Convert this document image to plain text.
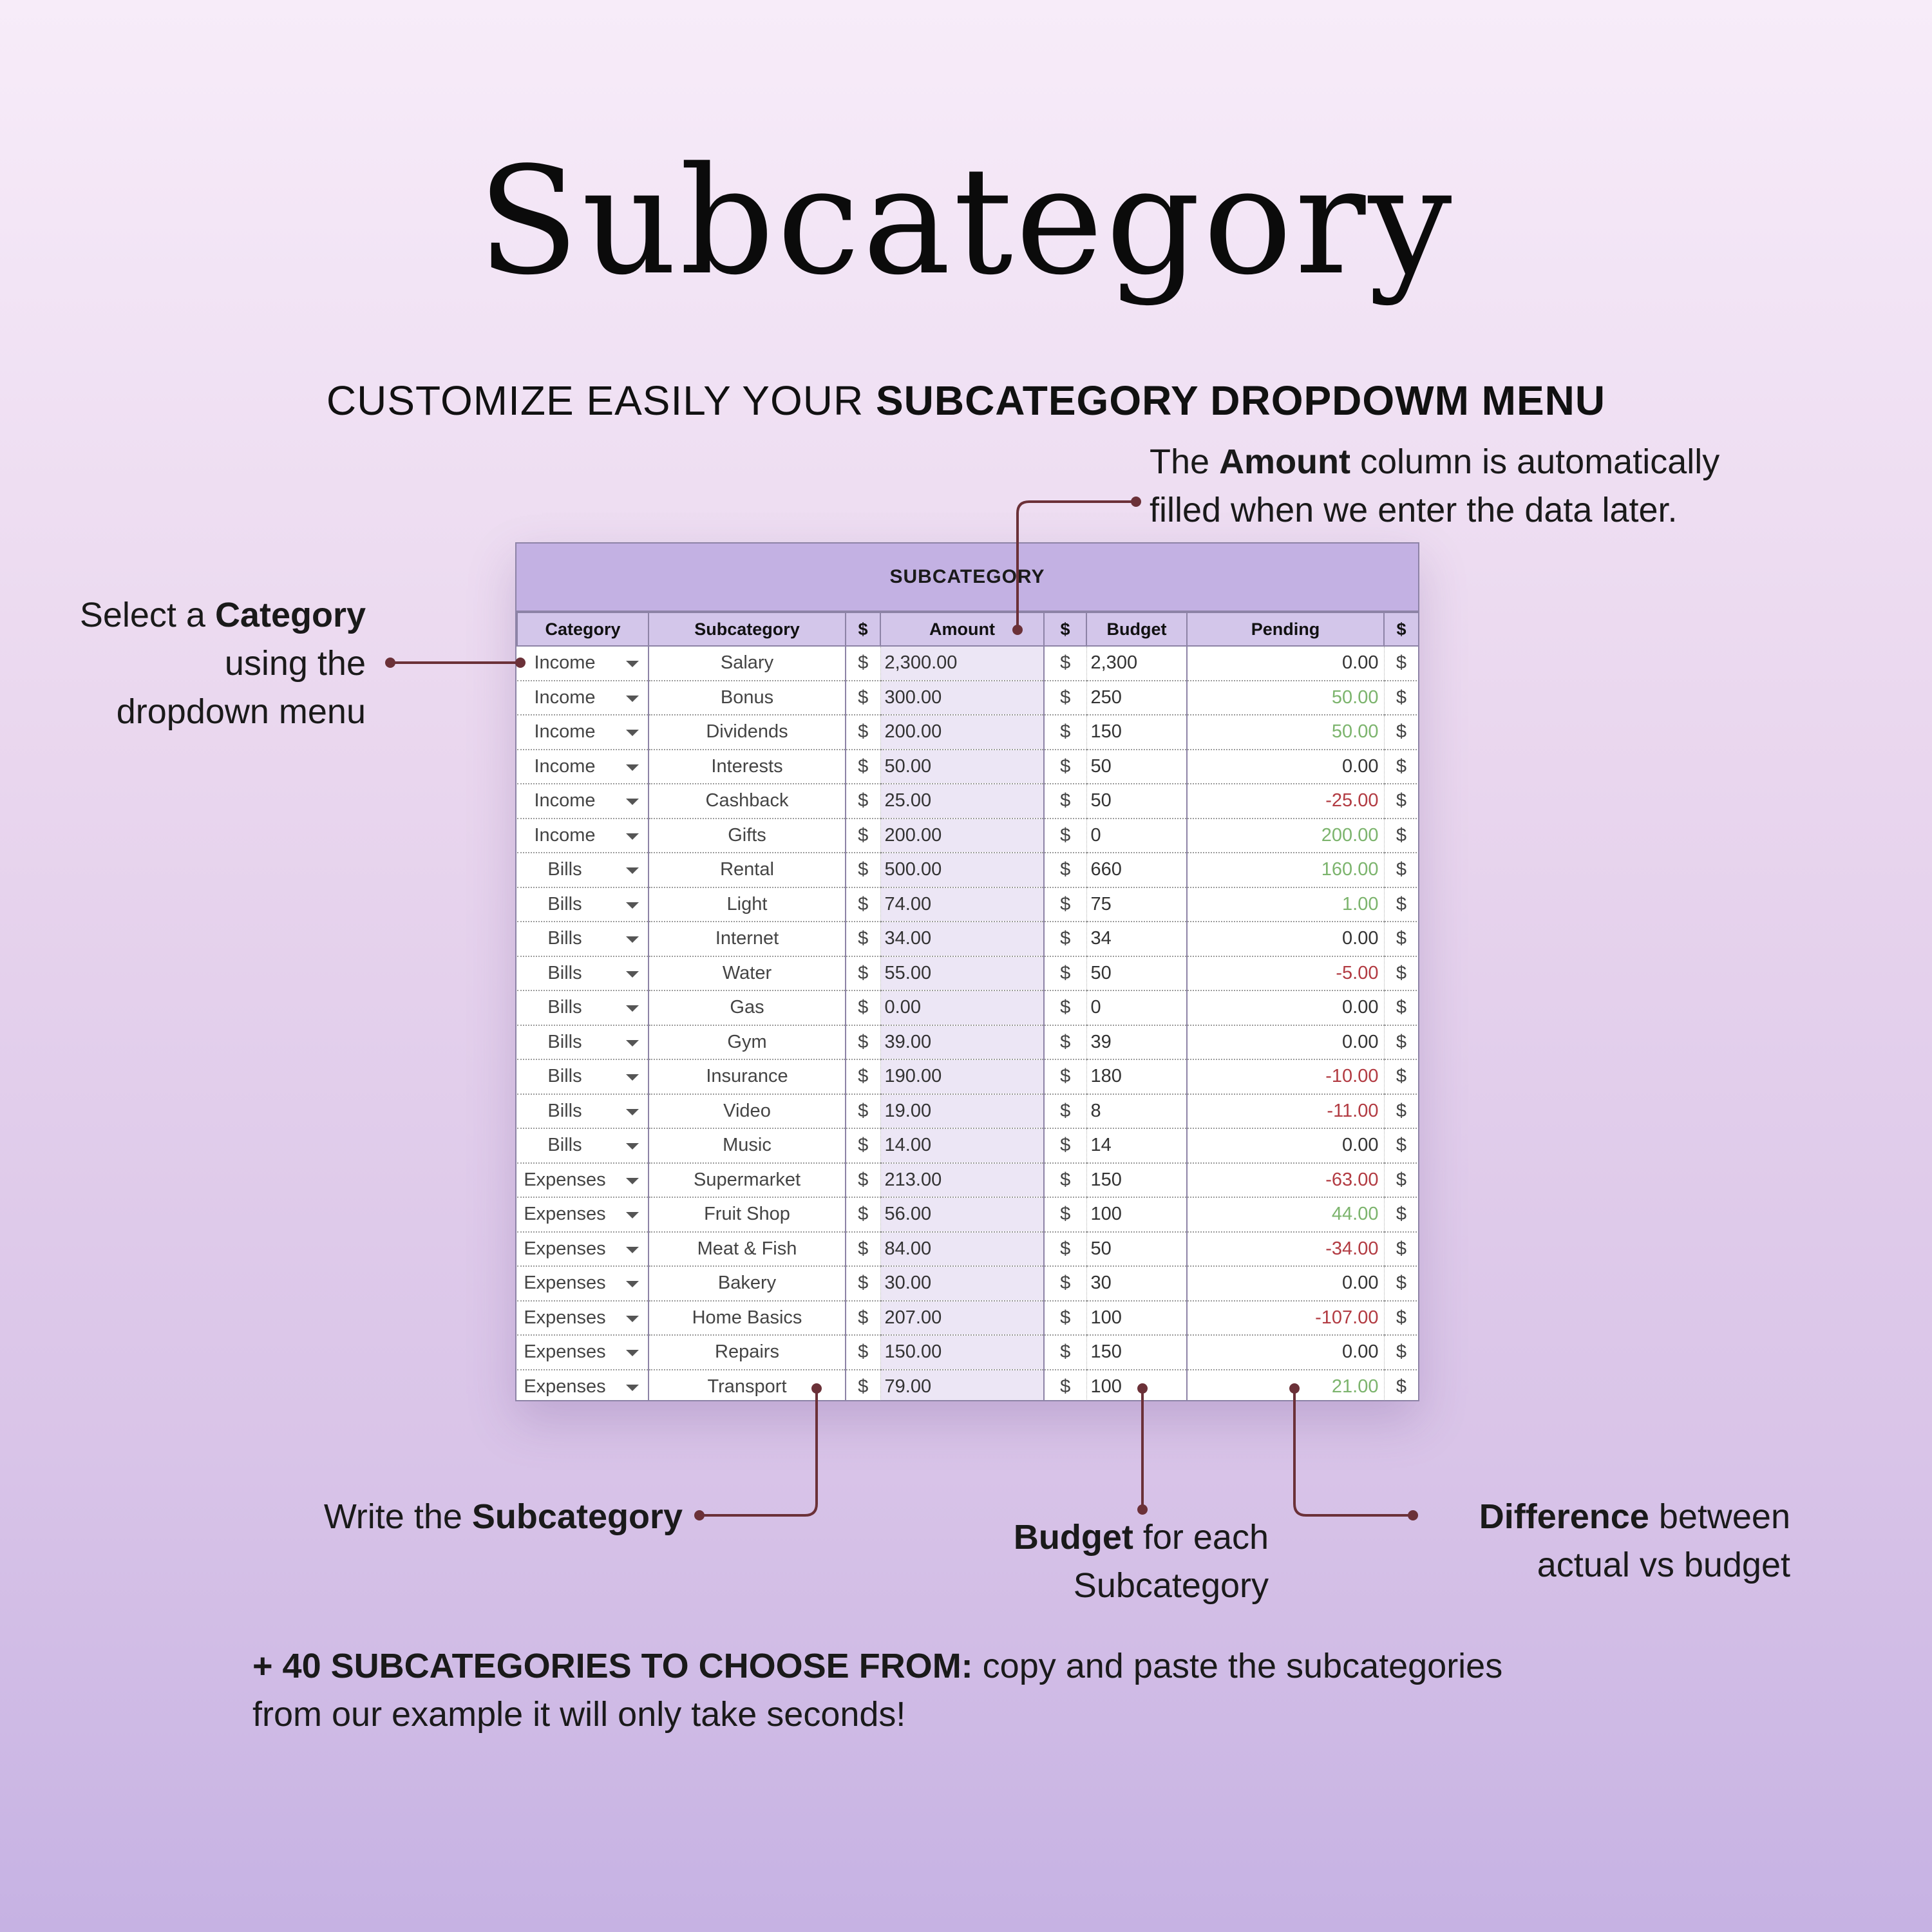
Subcategory
CUSTOMIZE EASILY YOUR SUBCATEGORY DROPDOWM MENU
The Amount column is automatically
filled when we enter the data later.
Select a Category
using the
dropdown menu
SUBCATEGORY
Category	Subcategory	$	Amount	$	Budget	Pending	$
Income	Salary	$	2,300.00	$	2,300	0.00	$
Income	Bonus	$	300.00	$	250	50.00	$
Income	Dividends	$	200.00	$	150	50.00	$
Income	Interests	$	50.00	$	50	0.00	$
Income	Cashback	$	25.00	$	50	-25.00	$
Income	Gifts	$	200.00	$	0	200.00	$
Bills	Rental	$	500.00	$	660	160.00	$
Bills	Light	$	74.00	$	75	1.00	$
Bills	Internet	$	34.00	$	34	0.00	$
Bills	Water	$	55.00	$	50	-5.00	$
Bills	Gas	$	0.00	$	0	0.00	$
Bills	Gym	$	39.00	$	39	0.00	$
Bills	Insurance	$	190.00	$	180	-10.00	$
Bills	Video	$	19.00	$	8	-11.00	$
Bills	Music	$	14.00	$	14	0.00	$
Expenses	Supermarket	$	213.00	$	150	-63.00	$
Expenses	Fruit Shop	$	56.00	$	100	44.00	$
Expenses	Meat & Fish	$	84.00	$	50	-34.00	$
Expenses	Bakery	$	30.00	$	30	0.00	$
Expenses	Home Basics	$	207.00	$	100	-107.00	$
Expenses	Repairs	$	150.00	$	150	0.00	$
Expenses	Transport	$	79.00	$	100	21.00	$
Write the Subcategory
Budget for each
Subcategory
Difference between
actual vs budget
+ 40 SUBCATEGORIES TO CHOOSE FROM: copy and paste the subcategories
from our example it will only take seconds!
